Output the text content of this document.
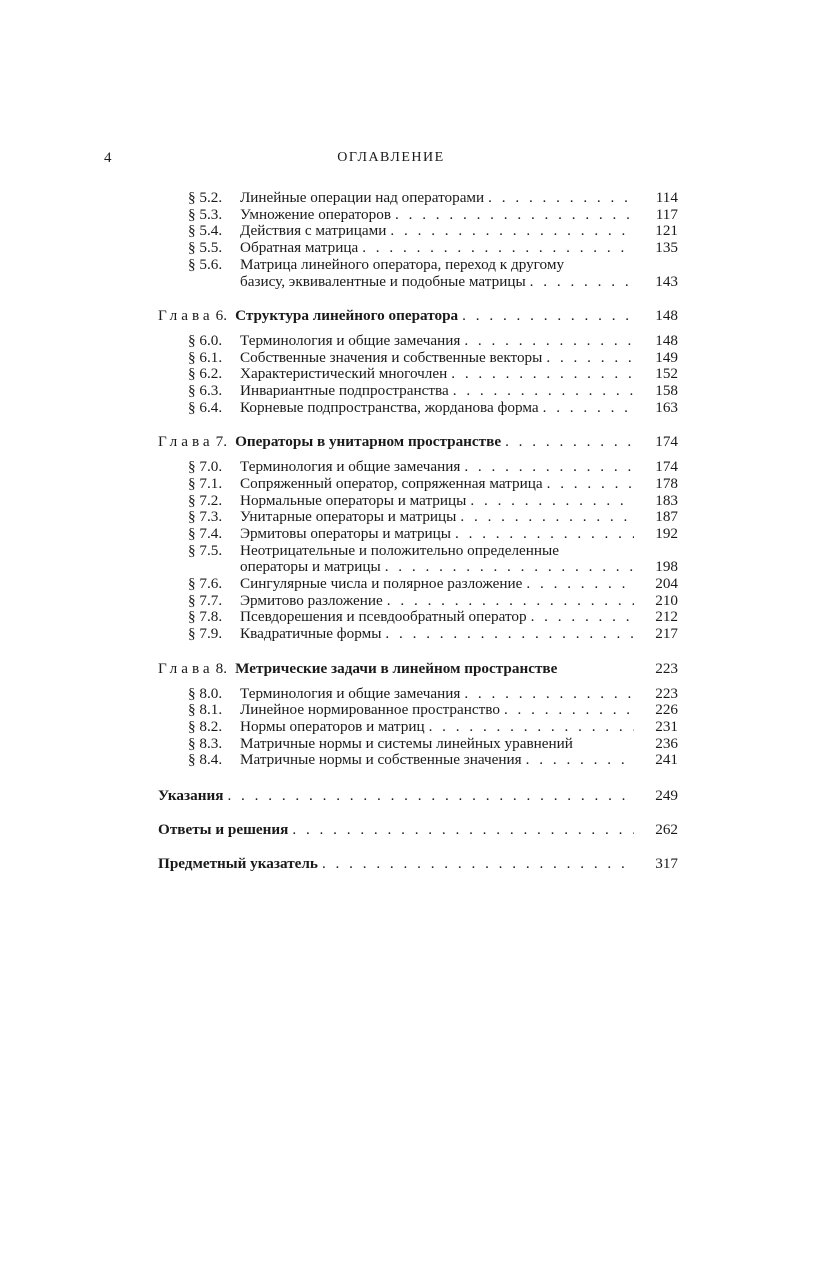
4	ОГЛАВЛЕНИЕ
§ 5.2.	Линейные операции над операторами . . .	114
§ 5.3.	Умножение операторов . . .	117
§ 5.4.	Действия с матрицами . . .	121
§ 5.5.	Обратная матрица . . .	135
§ 5.6.	Матрица линейного оператора, переход к другому
базису, эквивалентные и подобные матрицы . . .	143
Глава 6. Структура линейного оператора . . .	148
§ 6.0.	Терминология и общие замечания . . .	148
§ 6.1.	Собственные значения и собственные векторы . . .	149
§ 6.2.	Характеристический многочлен . . .	152
§ 6.3.	Инвариантные подпространства . . .	158
§ 6.4.	Корневые подпространства, жорданова форма . . .	163
Глава 7. Операторы в унитарном пространстве . . .	174
§ 7.0.	Терминология и общие замечания . . .	174
§ 7.1.	Сопряженный оператор, сопряженная матрица . . .	178
§ 7.2.	Нормальные операторы и матрицы . . .	183
§ 7.3.	Унитарные операторы и матрицы . . .	187
§ 7.4.	Эрмитовы операторы и матрицы . . .	192
§ 7.5.	Неотрицательные и положительно определенные
операторы и матрицы . . .	198
§ 7.6.	Сингулярные числа и полярное разложение . . .	204
§ 7.7.	Эрмитово разложение . . .	210
§ 7.8.	Псевдорешения и псевдообратный оператор . . .	212
§ 7.9.	Квадратичные формы . . .	217
Глава 8. Метрические задачи в линейном пространстве	223
§ 8.0.	Терминология и общие замечания . . .	223
§ 8.1.	Линейное нормированное пространство . . .	226
§ 8.2.	Нормы операторов и матриц . . .	231
§ 8.3.	Матричные нормы и системы линейных уравнений	236
§ 8.4.	Матричные нормы и собственные значения . . .	241
Указания . . .	249
Ответы и решения . . .	262
Предметный указатель . . .	317
